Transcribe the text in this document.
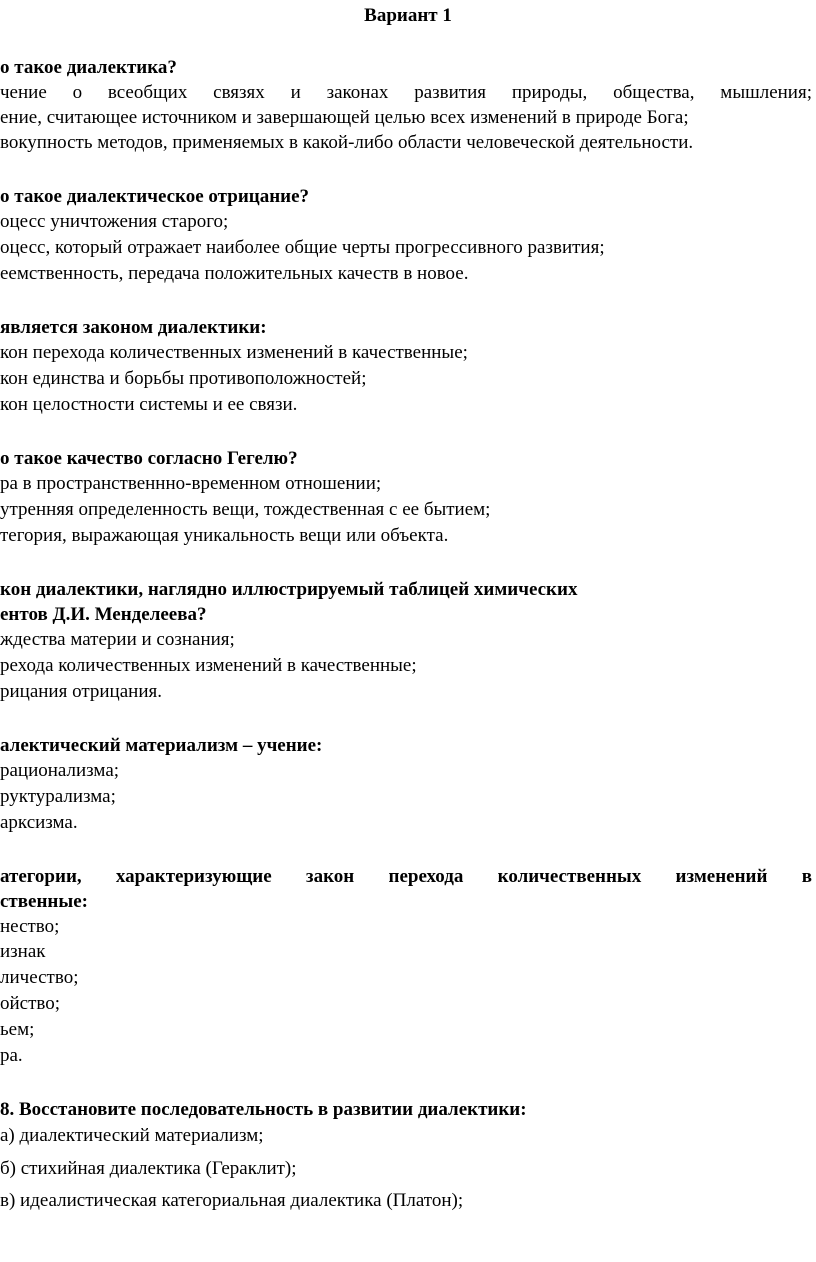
Вариант 1
о такое диалектика?
чение о всеобщих связях и законах развития природы, общества, мышления;
ение, считающее источником и завершающей целью всех изменений в природе Бога;
вокупность методов, применяемых в какой-либо области человеческой деятельности.
о такое диалектическое отрицание?
оцесс уничтожения старого;
оцесс, который отражает наиболее общие черты прогрессивного развития;
еемственность, передача положительных качеств в новое.
является законом диалектики:
кон перехода количественных изменений в качественные;
кон единства и борьбы противоположностей;
кон целостности системы и ее связи.
о такое качество согласно Гегелю?
ра в пространственнно-временном отношении;
утренняя определенность вещи, тождественная с ее бытием;
тегория, выражающая уникальность вещи или объекта.
кон диалектики, наглядно иллюстрируемый таблицей химических
ентов Д.И. Менделеева?
ждества материи и сознания;
рехода количественных изменений в качественные;
рицания отрицания.
алектический материализм – учение:
рационализма;
руктурализма;
арксизма.
атегории, характеризующие закон перехода количественных изменений в
ственные:
нество;
изнак
личество;
ойство;
ьем;
ра.
8. Восстановите последовательность в развитии диалектики:
а) диалектический материализм;
б) стихийная диалектика (Гераклит);
в) идеалистическая категориальная диалектика (Платон);
